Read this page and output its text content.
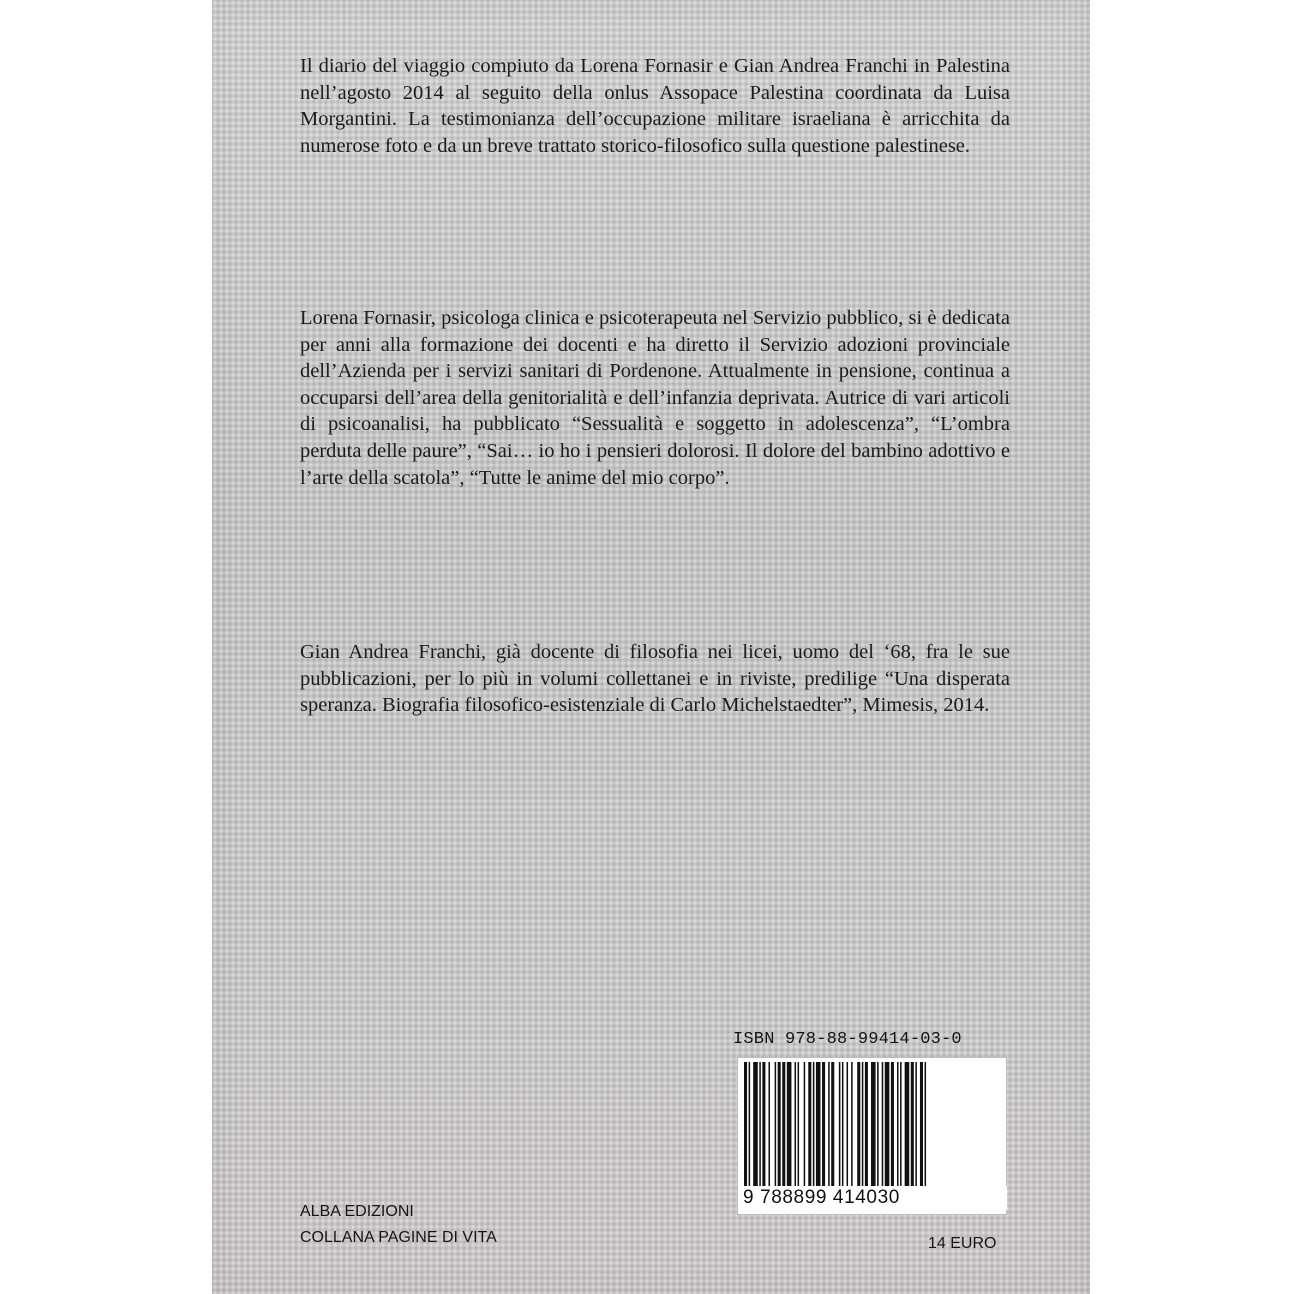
Il diario del viaggio compiuto da Lorena Fornasir e Gian Andrea Franchi in Palestina nell’agosto 2014 al seguito della onlus Assopace Palestina coordinata da Luisa Morgantini. La testimonianza dell’occupazione militare israeliana è arricchita da numerose foto e da un breve trattato storico-filosofico sulla questione palestinese.

Lorena Fornasir, psicologa clinica e psicoterapeuta nel Servizio pubblico, si è dedicata per anni alla formazione dei docenti e ha diretto il Servizio adozioni provinciale dell’Azienda per i servizi sanitari di Pordenone. Attualmente in pensione, continua a occuparsi dell’area della genitorialità e dell’infanzia deprivata. Autrice di vari articoli di psicoanalisi, ha pubblicato “Sessualità e soggetto in adolescenza”, “L’ombra perduta delle paure”, “Sai… io ho i pensieri dolorosi. Il dolore del bambino adottivo e l’arte della scatola”, “Tutte le anime del mio corpo”.

Gian Andrea Franchi, già docente di filosofia nei licei, uomo del ‘68, fra le sue pubblicazioni, per lo più in volumi collettanei e in riviste, predilige “Una disperata speranza. Biografia filosofico-esistenziale di Carlo Michelstaedter”, Mimesis, 2014.

ISBN 978-88-99414-03-0
9 788899 414030
ALBA EDIZIONI
COLLANA PAGINE DI VITA	14 EURO
